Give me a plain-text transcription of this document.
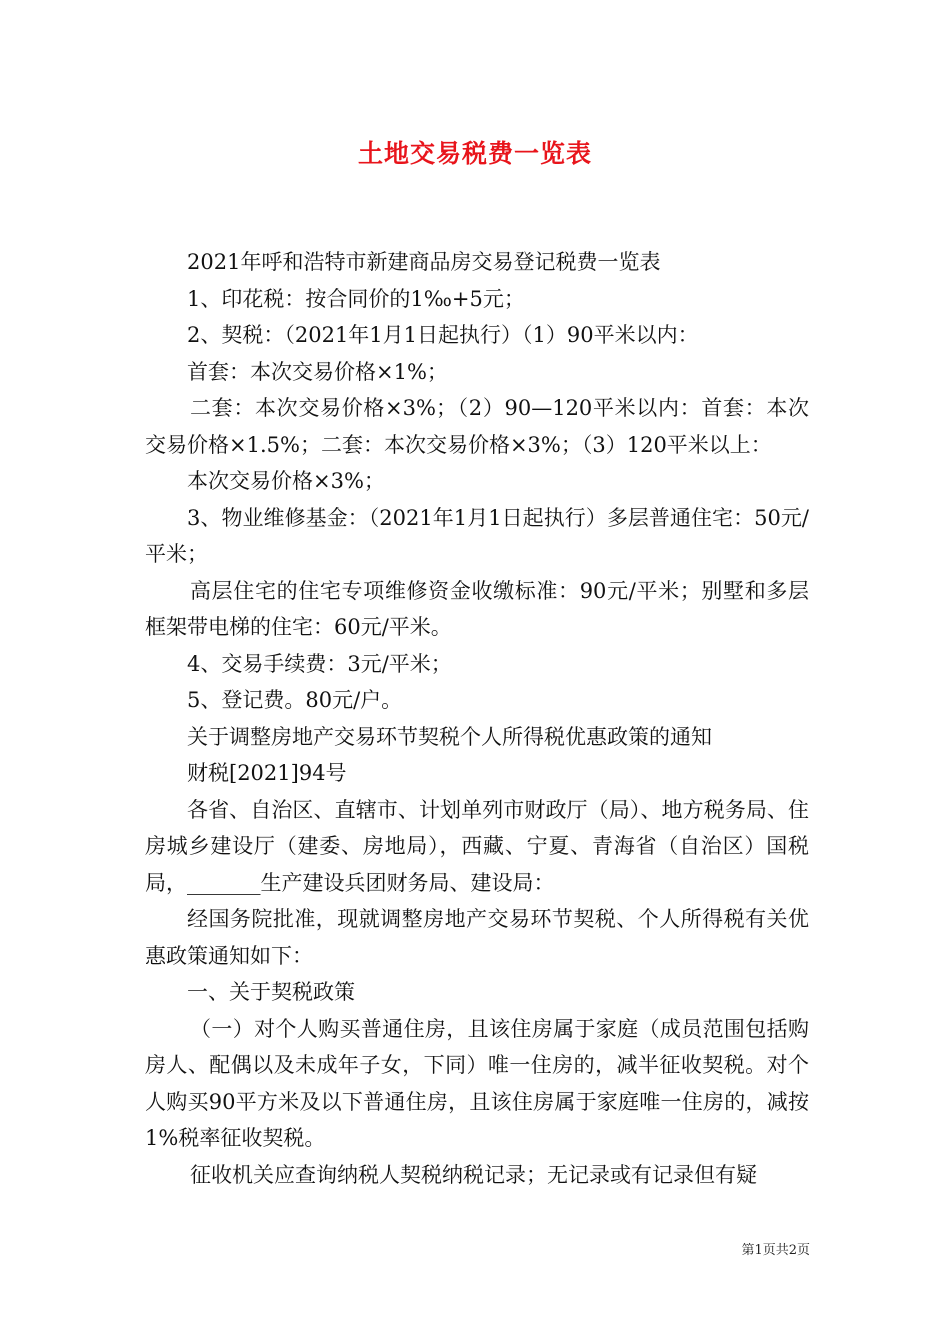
土地交易税费一览表

2021年呼和浩特市新建商品房交易登记税费一览表

1、印花税：按合同价的1‰+5元；

2、契税：（2021年1月1日起执行）（1）90平米以内：

首套：本次交易价格×1%；

二套：本次交易价格×3%；（2）90—120平米以内：首套：本次交易价格×1.5%；二套：本次交易价格×3%；（3）120平米以上：

本次交易价格×3%；

3、物业维修基金：（2021年1月1日起执行）多层普通住宅：50元/平米；

高层住宅的住宅专项维修资金收缴标准：90元/平米；别墅和多层框架带电梯的住宅：60元/平米。

4、交易手续费：3元/平米；

5、登记费。80元/户。

关于调整房地产交易环节契税个人所得税优惠政策的通知

财税[2021]94号

各省、自治区、直辖市、计划单列市财政厅（局）、地方税务局、住房城乡建设厅（建委、房地局），西藏、宁夏、青海省（自治区）国税局，_______生产建设兵团财务局、建设局：

经国务院批准，现就调整房地产交易环节契税、个人所得税有关优惠政策通知如下：

一、关于契税政策

（一）对个人购买普通住房，且该住房属于家庭（成员范围包括购房人、配偶以及未成年子女，下同）唯一住房的，减半征收契税。对个人购买90平方米及以下普通住房，且该住房属于家庭唯一住房的，减按1%税率征收契税。

征收机关应查询纳税人契税纳税记录；无记录或有记录但有疑

第1页共2页
